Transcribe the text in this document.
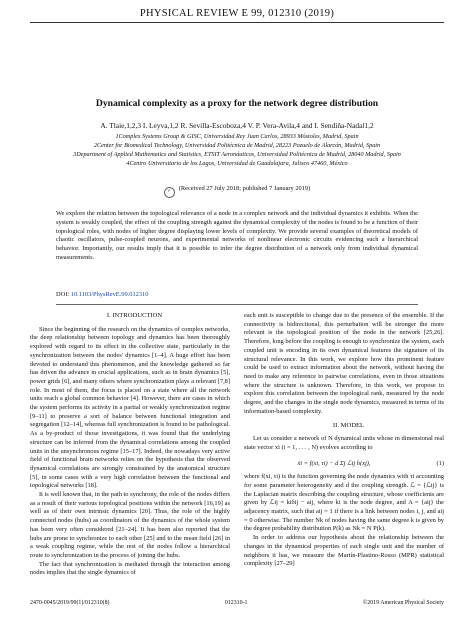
PHYSICAL REVIEW E 99, 012310 (2019)
Dynamical complexity as a proxy for the network degree distribution
A. Tlaie,1,2,3 I. Leyva,1,2 R. Sevilla-Escoboza,4 V. P. Vera-Avila,4 and I. Sendiña-Nadal1,2
1Complex Systems Group & GISC, Universidad Rey Juan Carlos, 28933 Móstoles, Madrid, Spain
2Center for Biomedical Technology, Universidad Politécnica de Madrid, 28223 Pozuelo de Alarcón, Madrid, Spain
3Department of Applied Mathematics and Statistics, ETSIT Aeronáuticos, Universidad Politécnica de Madrid, 28040 Madrid, Spain
4Centro Universitario de los Lagos, Universidad de Guadalajara, Jalisco 47460, México
✓ (Received 27 July 2018; published 7 January 2019)
We explore the relation between the topological relevance of a node in a complex network and the individual dynamics it exhibits. When the system is weakly coupled, the effect of the coupling strength against the dynamical complexity of the nodes is found to be a function of their topological roles, with nodes of higher degree displaying lower levels of complexity. We provide several examples of theoretical models of chaotic oscillators, pulse-coupled neurons, and experimental networks of nonlinear electronic circuits evidencing such a hierarchical behavior. Importantly, our results imply that it is possible to infer the degree distribution of a network only from individual dynamical measurements.
DOI: 10.1103/PhysRevE.99.012310

I. INTRODUCTION

Since the beginning of the research on the dynamics of complex networks, the deep relationship between topology and dynamics has been thoroughly explored with regard to its effect in the collective state, particularly in the synchronization between the nodes' dynamics [1–4]. A huge effort has been devoted to understand this phenomenon, and the knowledge gathered so far has driven the advance in crucial applications, such as in brain dynamics [5], power grids [6], and many others where synchronization plays a relevant [7,8] role. In most of them, the focus is placed on a state where all the network units reach a global common behavior [4]. However, there are cases in which the system performs its activity in a partial or weakly synchronization regime [9–11] to preserve a sort of balance between functional integration and segregation [12–14], whereas full synchronization is found to be pathological. As a by-product of those investigations, it was found that the underlying structure can be inferred from the dynamical correlations among the coupled units in the unsynchronous regime [15–17]. Indeed, the nowadays very active field of functional brain networks relies on the hypothesis that the observed dynamical correlations are strongly constrained by the anatomical structure [5], in some cases with a very high correlation between the functional and topological networks [18].

It is well known that, in the path to synchrony, the role of the nodes differs as a result of their various topological positions within the network [16,19] as well as of their own intrinsic dynamics [20]. Thus, the role of the highly connected nodes (hubs) as coordinators of the dynamics of the whole system has been very often considered [21–24]. It has been also reported that the hubs are prone to synchronize to each other [25] and to the mean field [26] in a weak coupling regime, while the rest of the nodes follow a hierarchical route to synchronization in the process of joining the hubs.

The fact that synchronization is mediated through the interaction among nodes implies that the single dynamics of

each unit is susceptible to change due to the presence of the ensemble. If the connectivity is bidirectional, this perturbation will be stronger the more relevant is the topological position of the node in the network [25,26]. Therefore, long before the coupling is enough to synchronize the system, each coupled unit is encoding in its own dynamical features the signature of its structural relevance. In this work, we explore how this prominent feature could be used to extract information about the network, without having the need to make any reference to pairwise correlations, even in those situations where the structure is unknown. Therefore, in this work, we propose to explore this correlation between the topological rank, measured by the node degree, and the changes in the single node dynamics, measured in terms of its information-based complexity.

II. MODEL

Let us consider a network of N dynamical units whose m dimensional real state vector xi (i = 1, . . . , N) evolves according to

ẋi = f(xi, τi) − d Σj ℒij h(xj),	(1)

where f(xi, τi) is the function governing the node dynamics with τi accounting for some parameter heterogeneity and d the coupling strength. ℒ = {ℒij} is the Laplacian matrix describing the coupling structure, whose coefficients are given by ℒij = kiδij − aij, where ki is the node degree, and A = {aij} the adjacency matrix, such that aij = 1 if there is a link between nodes i, j, and aij = 0 otherwise. The number Nk of nodes having the same degree k is given by the degree probability distribution P(k) as Nk = N P(k).

In order to address our hypothesis about the relationship between the changes in the dynamical properties of each single unit and the number of neighbors it has, we measure the Martín-Plastino-Rosso (MPR) statistical complexity [27–29]

2470-0045/2019/99(1)/012310(8)	012310-1	©2019 American Physical Society
